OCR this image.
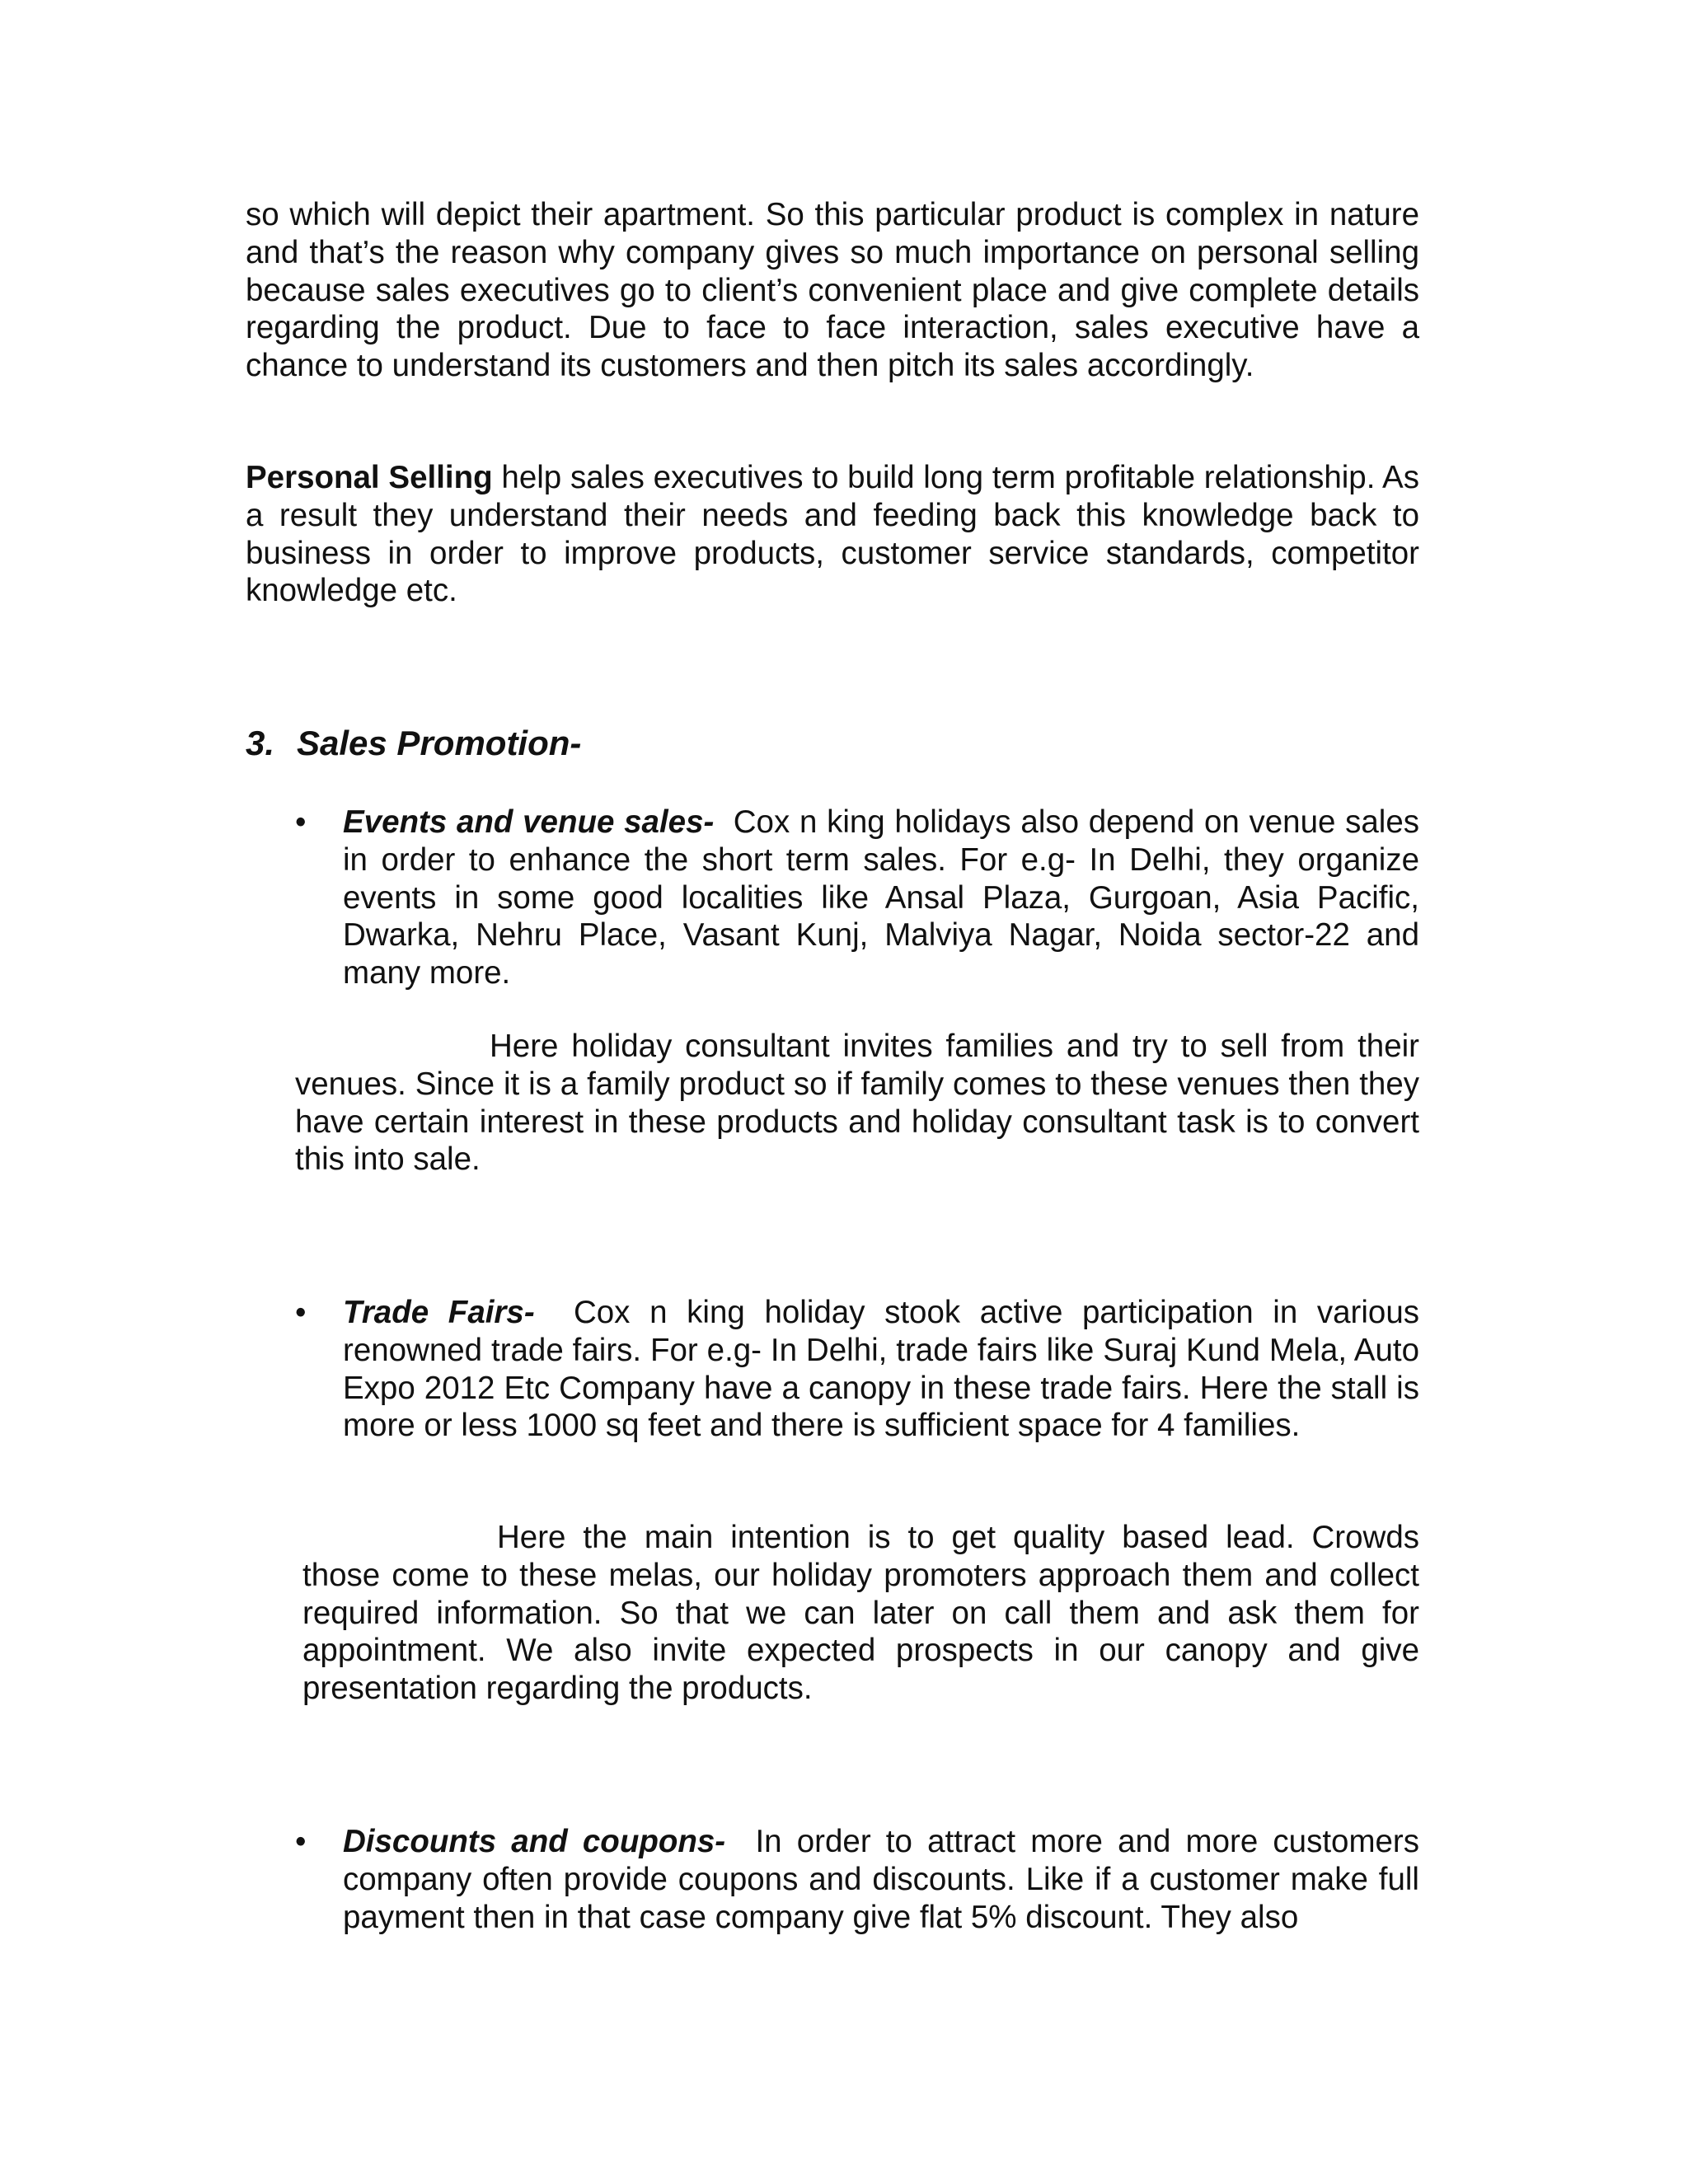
so which will depict their apartment. So this particular product is complex in nature and that’s the reason why company gives so much importance on personal selling because sales executives go to client’s convenient place and give complete details regarding the product. Due to face to face interaction, sales executive have a chance to understand its customers and then pitch its sales accordingly.

Personal Selling help sales executives to build long term profitable relationship. As a result they understand their needs and feeding back this knowledge back to business in order to improve products, customer service standards, competitor knowledge etc.

3. Sales Promotion-
• Events and venue sales-  Cox n king holidays also depend on venue sales in order to enhance the short term sales. For e.g- In Delhi, they organize events in some good localities like Ansal Plaza, Gurgoan, Asia Pacific, Dwarka, Nehru Place, Vasant Kunj, Malviya Nagar, Noida sector-22 and many more.

Here holiday consultant invites families and try to sell from their venues. Since it is a family product so if family comes to these venues then they have certain interest in these products and holiday consultant task is to convert this into sale.

• Trade Fairs-  Cox n king holiday stook active participation in various renowned trade fairs. For e.g- In Delhi, trade fairs like Suraj Kund Mela, Auto Expo 2012 Etc Company have a canopy in these trade fairs. Here the stall is more or less 1000 sq feet and there is sufficient space for 4 families.

Here the main intention is to get quality based lead. Crowds those come to these melas, our holiday promoters approach them and collect required information. So that we can later on call them and ask them for appointment. We also invite expected prospects in our canopy and give presentation regarding the products.

• Discounts and coupons-  In order to attract more and more customers company often provide coupons and discounts. Like if a customer make full payment then in that case company give flat 5% discount. They also
